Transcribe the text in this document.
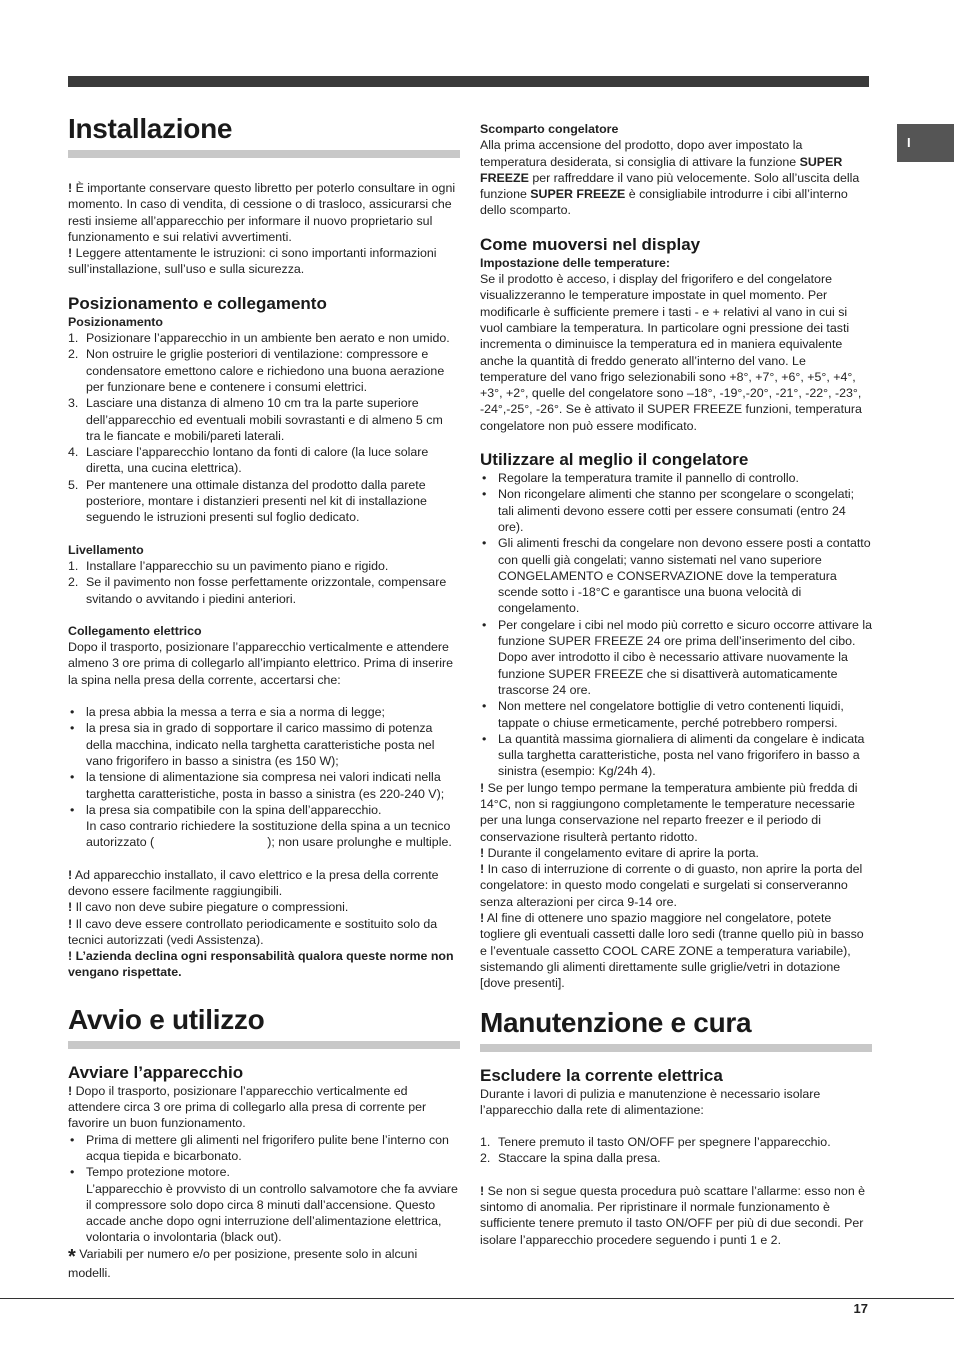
I
Installazione

! È importante conservare questo libretto per poterlo consultare in ogni momento. In caso di vendita, di cessione o di trasloco, assicurarsi che resti insieme all’apparecchio per informare il nuovo proprietario sul funzionamento e sui relativi avvertimenti.

! Leggere attentamente le istruzioni: ci sono importanti informazioni sull’installazione, sull’uso e sulla sicurezza.

Posizionamento e collegamento
Posizionamento
1. Posizionare l’apparecchio in un ambiente ben aerato e non umido.
2. Non ostruire le griglie posteriori di ventilazione: compressore e condensatore emettono calore e richiedono una buona aerazione per funzionare bene e contenere i consumi elettrici.
3. Lasciare una distanza di almeno 10 cm tra la parte superiore dell’apparecchio ed eventuali mobili sovrastanti e di almeno 5 cm tra le fiancate e mobili/pareti laterali.
4. Lasciare l’apparecchio lontano da fonti di calore (la luce solare diretta, una cucina elettrica).
5. Per mantenere una ottimale distanza del prodotto dalla parete posteriore, montare i distanzieri presenti nel kit di installazione seguendo le istruzioni presenti sul foglio dedicato.
Livellamento
1. Installare l’apparecchio su un pavimento piano e rigido.
2. Se il pavimento non fosse perfettamente orizzontale, compensare svitando o avvitando i piedini anteriori.
Collegamento elettrico

Dopo il trasporto, posizionare l’apparecchio verticalmente e attendere almeno 3 ore prima di collegarlo all’impianto elettrico. Prima di inserire la spina nella presa della corrente, accertarsi che:

• la presa abbia la messa a terra e sia a norma di legge;
• la presa sia in grado di sopportare il carico massimo di potenza della macchina, indicato nella targhetta caratteristiche posta nel vano frigorifero in basso a sinistra (es 150 W);
• la tensione di alimentazione sia compresa nei valori indicati nella targhetta caratteristiche, posta in basso a sinistra (es 220-240 V);
• la presa sia compatibile con la spina dell’apparecchio.

In caso contrario richiedere la sostituzione della spina a un tecnico autorizzato (	); non usare prolunghe e multiple.

! Ad apparecchio installato, il cavo elettrico e la presa della corrente devono essere facilmente raggiungibili.

! Il cavo non deve subire piegature o compressioni.

! Il cavo deve essere controllato periodicamente e sostituito solo da tecnici autorizzati (vedi Assistenza).

! L’azienda declina ogni responsabilità qualora queste norme non vengano rispettate.

Avvio e utilizzo
Avviare l’apparecchio

! Dopo il trasporto, posizionare l’apparecchio verticalmente ed attendere circa 3 ore prima di collegarlo alla presa di corrente per favorire un buon funzionamento.

• Prima di mettere gli alimenti nel frigorifero pulite bene l’interno con acqua tiepida e bicarbonato.
• Tempo protezione motore.

L’apparecchio è provvisto di un controllo salvamotore che fa avviare il compressore solo dopo circa 8 minuti dall’accensione. Questo accade anche dopo ogni interruzione dell’alimentazione elettrica, volontaria o involontaria (black out).

* Variabili per numero e/o per posizione, presente solo in alcuni modelli.

Scomparto congelatore

Alla prima accensione del prodotto, dopo aver impostato la temperatura desiderata, si consiglia di attivare la funzione SUPER FREEZE per raffreddare il vano più velocemente. Solo all’uscita della funzione SUPER FREEZE è consigliabile introdurre i cibi all’interno dello scomparto.

Come muoversi nel display
Impostazione delle temperature:

Se il prodotto è acceso, i display del frigorifero e del congelatore visualizzeranno le temperature impostate in quel momento. Per modificarle è sufficiente premere i tasti - e + relativi al vano in cui si vuol cambiare la temperatura. In particolare ogni pressione dei tasti incrementa o diminuisce la temperatura ed in maniera equivalente anche la quantità di freddo generato all’interno del vano. Le temperature del vano frigo selezionabili sono +8°, +7°, +6°, +5°, +4°, +3°, +2°, quelle del congelatore sono –18°, -19°,-20°, -21°, -22°, -23°, -24°,-25°, -26°. Se è attivato il SUPER FREEZE funzioni, temperatura congelatore non può essere modificato.

Utilizzare al meglio il congelatore
• Regolare la temperatura tramite il pannello di controllo.
• Non ricongelare alimenti che stanno per scongelare o scongelati; tali alimenti devono essere cotti per essere consumati (entro 24 ore).
• Gli alimenti freschi da congelare non devono essere posti a contatto con quelli già congelati; vanno sistemati nel vano superiore CONGELAMENTO e CONSERVAZIONE dove la temperatura scende sotto i -18°C e garantisce una buona velocità di congelamento.
• Per congelare i cibi nel modo più corretto e sicuro occorre attivare la funzione SUPER FREEZE 24 ore prima dell’inserimento del cibo. Dopo aver introdotto il cibo è necessario attivare nuovamente la funzione SUPER FREEZE che si disattiverà automaticamente trascorse 24 ore.
• Non mettere nel congelatore bottiglie di vetro contenenti liquidi, tappate o chiuse ermeticamente, perché potrebbero rompersi.
• La quantità massima giornaliera di alimenti da congelare è indicata sulla targhetta caratteristiche, posta nel vano frigorifero in basso a sinistra (esempio: Kg/24h 4).

! Se per lungo tempo permane la temperatura ambiente più fredda di 14°C, non si raggiungono completamente le temperature necessarie per una lunga conservazione nel reparto freezer e il periodo di conservazione risulterà pertanto ridotto.

! Durante il congelamento evitare di aprire la porta.

! In caso di interruzione di corrente o di guasto, non aprire la porta del congelatore: in questo modo congelati e surgelati si conserveranno senza alterazioni per circa 9-14 ore.

! Al fine di ottenere uno spazio maggiore nel congelatore, potete togliere gli eventuali cassetti dalle loro sedi (tranne quello più in basso e l’eventuale cassetto COOL CARE ZONE a temperatura variabile), sistemando gli alimenti direttamente sulle griglie/vetri in dotazione [dove presenti].

Manutenzione e cura
Escludere la corrente elettrica

Durante i lavori di pulizia e manutenzione è necessario isolare l’apparecchio dalla rete di alimentazione:

1. Tenere premuto il tasto ON/OFF per spegnere l’apparecchio.
2. Staccare la spina dalla presa.

! Se non si segue questa procedura può scattare l’allarme: esso non è sintomo di anomalia. Per ripristinare il normale funzionamento è sufficiente tenere premuto il tasto ON/OFF per più di due secondi. Per isolare l’apparecchio procedere seguendo i punti 1 e 2.

17
